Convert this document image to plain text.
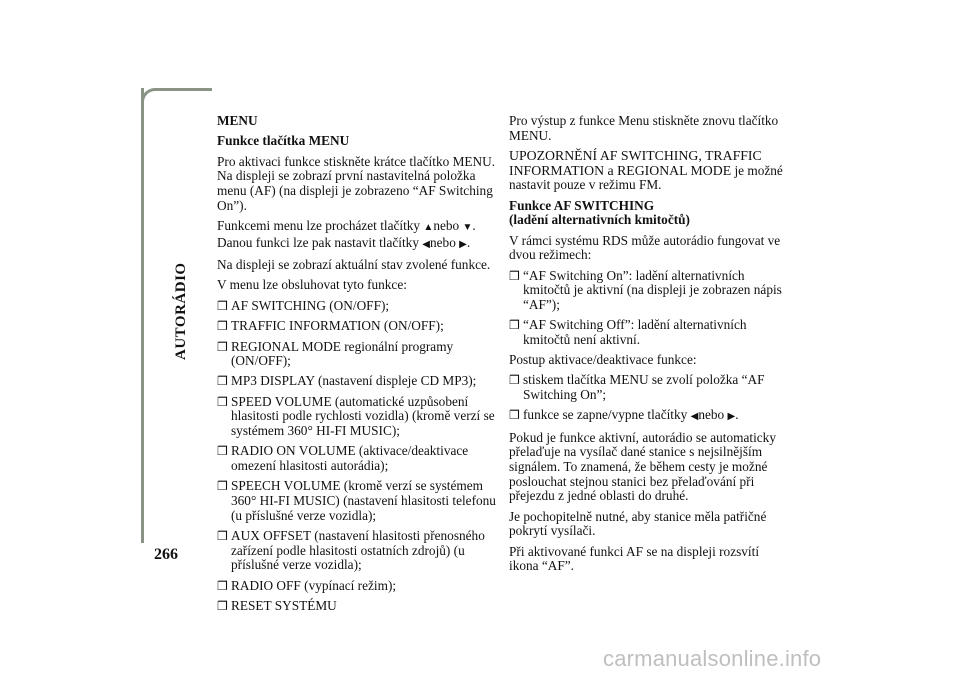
AUTORÁDIO
266
MENU
Funkce tlačítka MENU
Pro aktivaci funkce stiskněte krátce tlačítko MENU. Na displeji se zobrazí první nastavitelná položka menu (AF) (na displeji je zobrazeno “AF Switching On”).
Funkcemi menu lze procházet tlačítky ▲nebo ▼. Danou funkci lze pak nastavit tlačítky ◀nebo ▶.
Na displeji se zobrazí aktuální stav zvolené funkce.
V menu lze obsluhovat tyto funkce:
❒ AF SWITCHING (ON/OFF);
❒ TRAFFIC INFORMATION (ON/OFF);
❒ REGIONAL MODE regionální programy (ON/OFF);
❒ MP3 DISPLAY (nastavení displeje CD MP3);
❒ SPEED VOLUME (automatické uzpůsobení hlasitosti podle rychlosti vozidla) (kromě verzí se systémem 360° HI-FI MUSIC);
❒ RADIO ON VOLUME (aktivace/deaktivace omezení hlasitosti autorádia);
❒ SPEECH VOLUME (kromě verzí se systémem 360° HI-FI MUSIC) (nastavení hlasitosti telefonu (u příslušné verze vozidla);
❒ AUX OFFSET (nastavení hlasitosti přenosného zařízení podle hlasitosti ostatních zdrojů) (u příslušné verze vozidla);
❒ RADIO OFF (vypínací režim);
❒ RESET SYSTÉMU
Pro výstup z funkce Menu stiskněte znovu tlačítko MENU.
UPOZORNĚNÍ AF SWITCHING, TRAFFIC INFORMATION a REGIONAL MODE je možné nastavit pouze v režimu FM.
Funkce AF SWITCHING
(ladění alternativních kmitočtů)
V rámci systému RDS může autorádio fungovat ve dvou režimech:
❒ “AF Switching On”: ladění alternativních kmitočtů je aktivní (na displeji je zobrazen nápis “AF”);
❒ “AF Switching Off”: ladění alternativních kmitočtů není aktivní.
Postup aktivace/deaktivace funkce:
❒ stiskem tlačítka MENU se zvolí položka “AF Switching On”;
❒ funkce se zapne/vypne tlačítky ◀nebo ▶.
Pokud je funkce aktivní, autorádio se automaticky přelaďuje na vysílač dané stanice s nejsilnějším signálem. To znamená, že během cesty je možné poslouchat stejnou stanici bez přelaďování při přejezdu z jedné oblasti do druhé.
Je pochopitelně nutné, aby stanice měla patřičné pokrytí vysílači.
Při aktivované funkci AF se na displeji rozsvítí ikona “AF”.
carmanualsonline.info
